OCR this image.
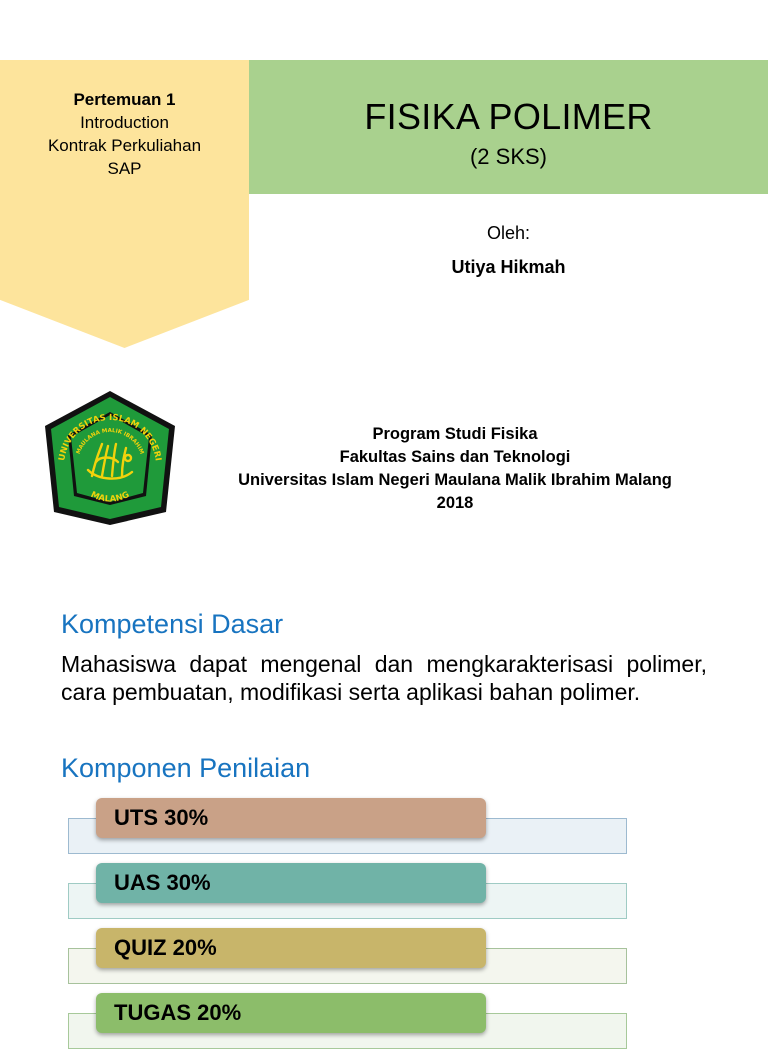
Pertemuan 1
Introduction
Kontrak Perkuliahan
SAP
FISIKA POLIMER
(2 SKS)
Oleh:
Utiya Hikmah
UNIVERSITAS ISLAM NEGERI
MAULANA MALIK IBRAHIM
MALANG
Program Studi Fisika
Fakultas Sains dan Teknologi
Universitas Islam Negeri Maulana Malik Ibrahim Malang
2018
Kompetensi Dasar
Mahasiswa dapat mengenal dan mengkarakterisasi polimer, cara pembuatan, modifikasi serta aplikasi bahan polimer.
Komponen Penilaian
UTS 30%
UAS 30%
QUIZ 20%
TUGAS 20%
